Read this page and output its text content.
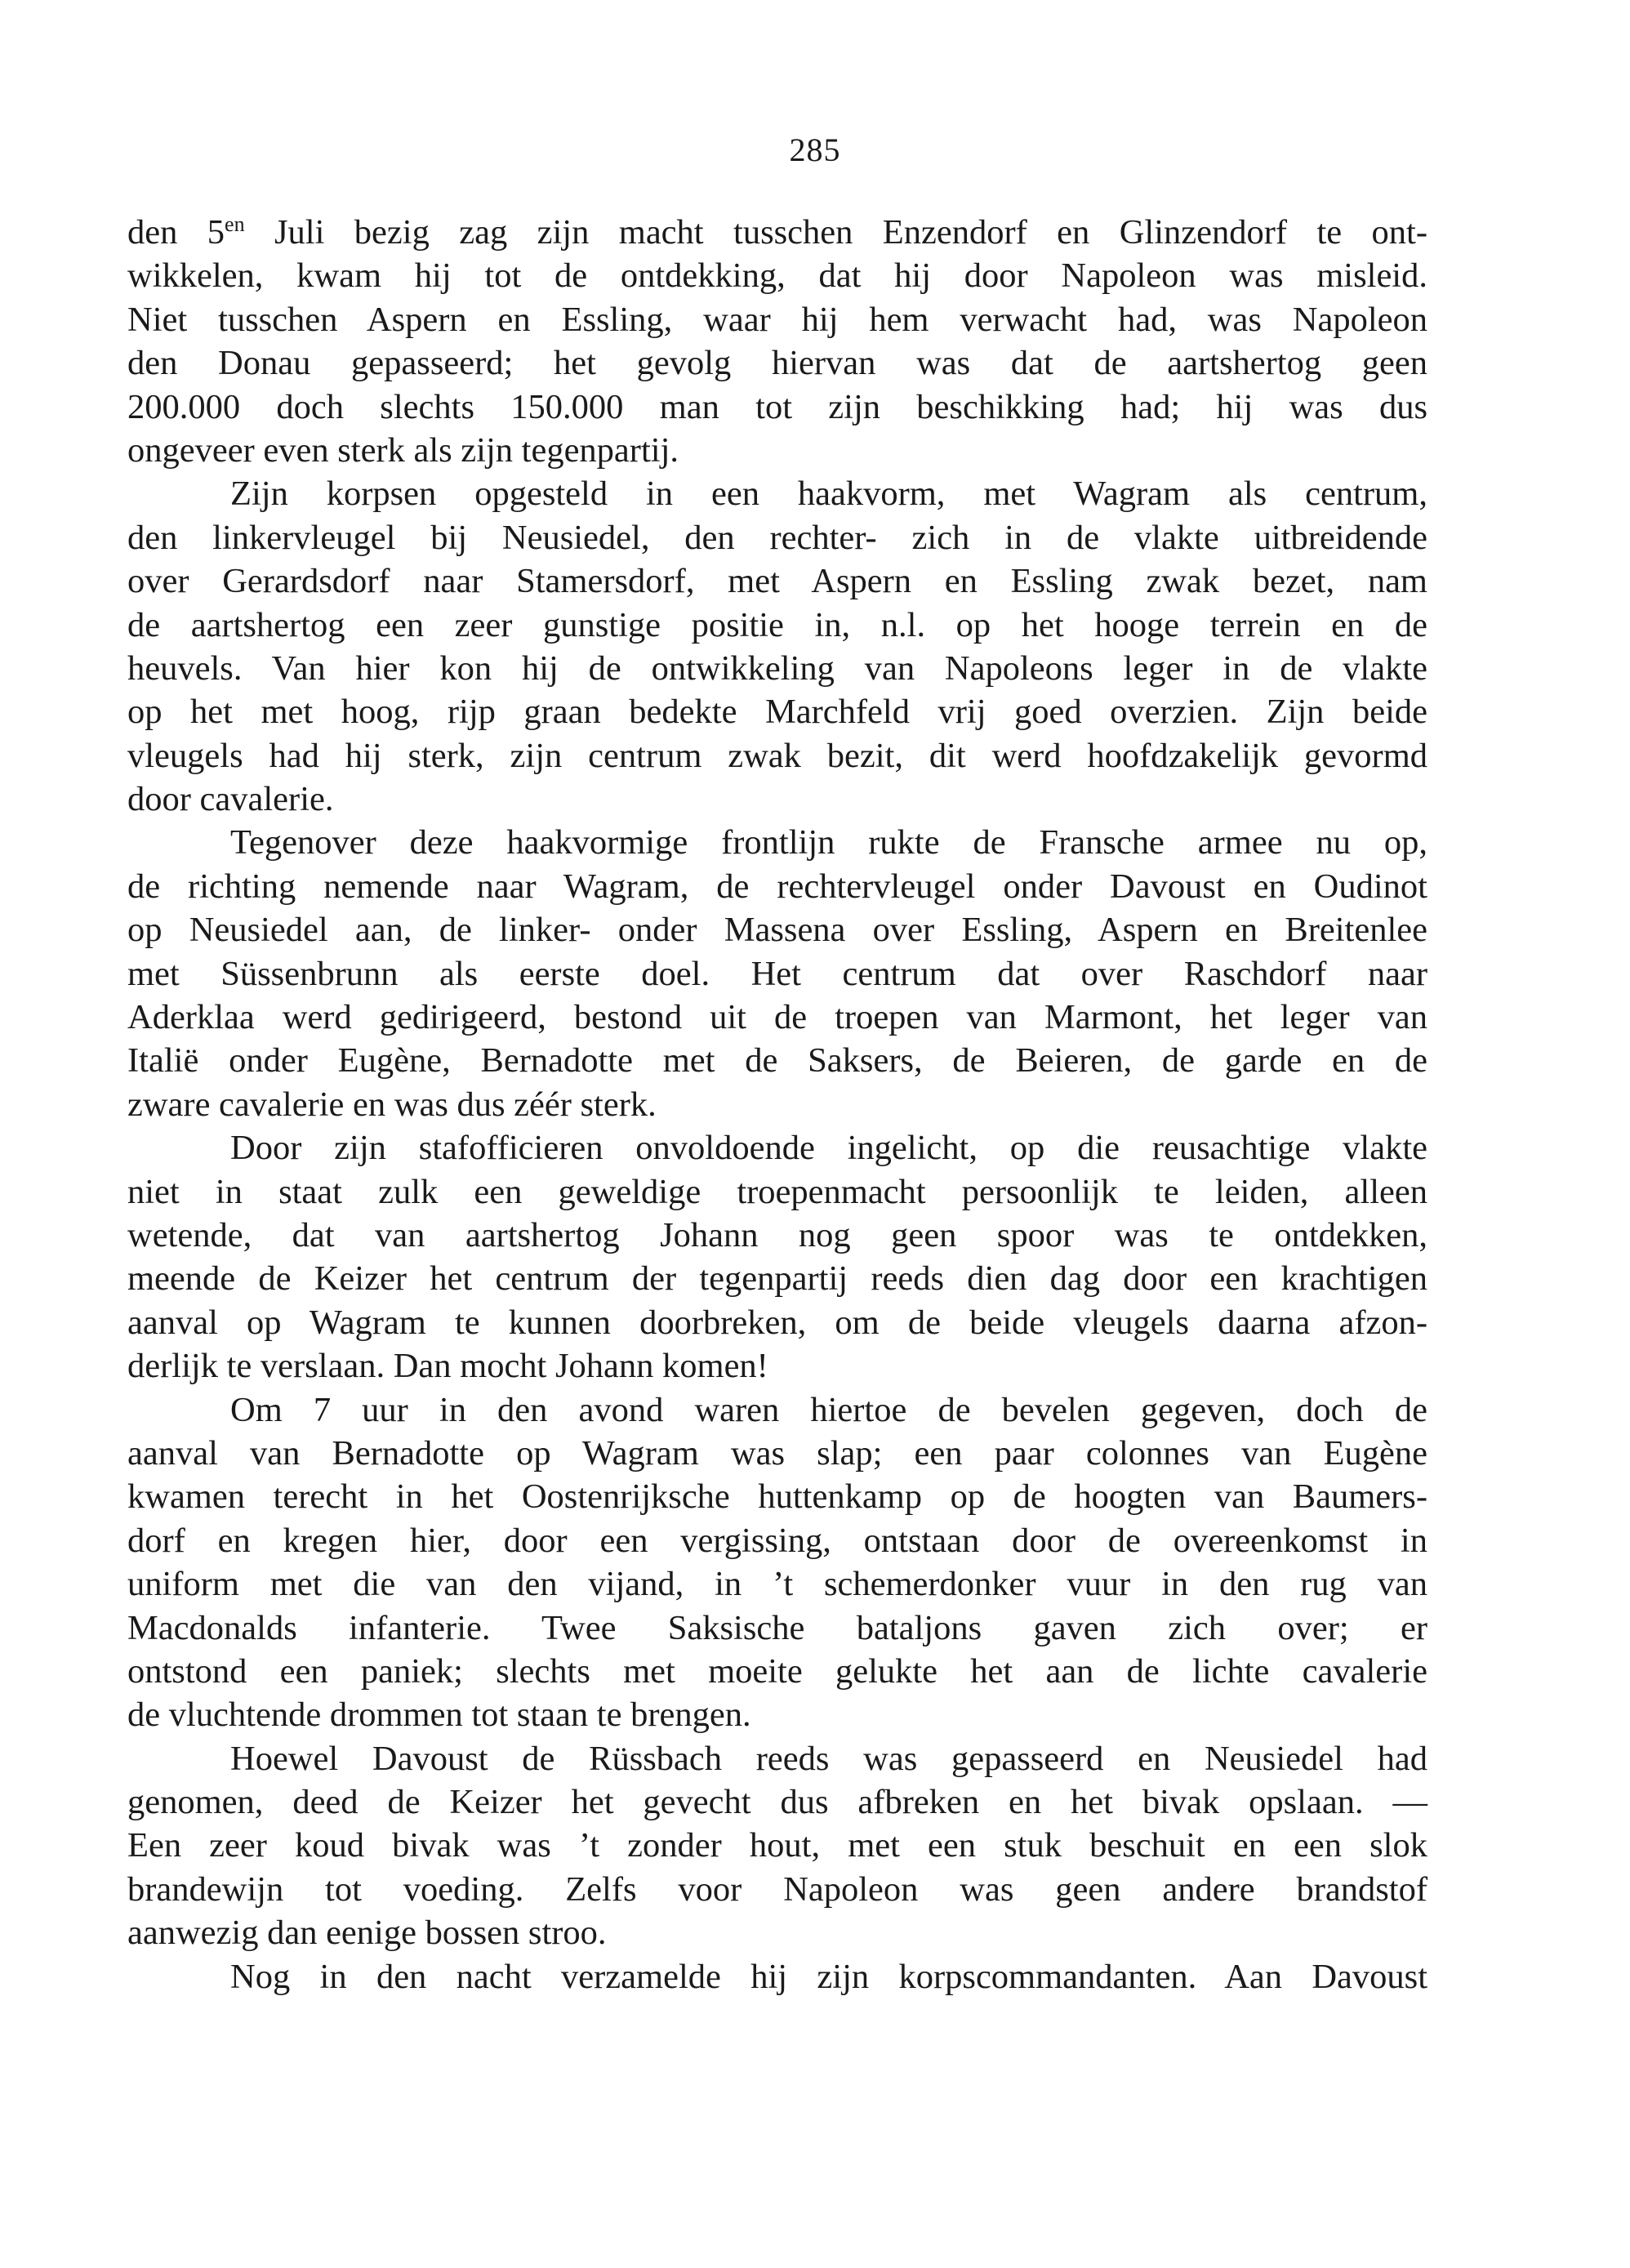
285

den $5^{en}$ Juli bezig zag zijn macht tusschen Enzendorf en Glinzendorf te ont-
wikkelen, kwam hij tot de ontdekking, dat hij door Napoleon was misleid.
Niet tusschen Aspern en Essling, waar hij hem verwacht had, was Napoleon
den Donau gepasseerd; het gevolg hiervan was dat de aartshertog geen
200.000 doch slechts 150.000 man tot zijn beschikking had; hij was dus
ongeveer even sterk als zijn tegenpartij.

Zijn korpsen opgesteld in een haakvorm, met Wagram als centrum,
den linkervleugel bij Neusiedel, den rechter- zich in de vlakte uitbreidende
over Gerardsdorf naar Stamersdorf, met Aspern en Essling zwak bezet, nam
de aartshertog een zeer gunstige positie in, n.l. op het hooge terrein en de
heuvels. Van hier kon hij de ontwikkeling van Napoleons leger in de vlakte
op het met hoog, rijp graan bedekte Marchfeld vrij goed overzien. Zijn beide
vleugels had hij sterk, zijn centrum zwak bezit, dit werd hoofdzakelijk gevormd
door cavalerie.

Tegenover deze haakvormige frontlijn rukte de Fransche armee nu op,
de richting nemende naar Wagram, de rechtervleugel onder Davoust en Oudinot
op Neusiedel aan, de linker- onder Massena over Essling, Aspern en Breitenlee
met Süssenbrunn als eerste doel. Het centrum dat over Raschdorf naar
Aderklaa werd gedirigeerd, bestond uit de troepen van Marmont, het leger van
Italië onder Eugène, Bernadotte met de Saksers, de Beieren, de garde en de
zware cavalerie en was dus zéér sterk.

Door zijn stafofficieren onvoldoende ingelicht, op die reusachtige vlakte
niet in staat zulk een geweldige troepenmacht persoonlijk te leiden, alleen
wetende, dat van aartshertog Johann nog geen spoor was te ontdekken,
meende de Keizer het centrum der tegenpartij reeds dien dag door een krachtigen
aanval op Wagram te kunnen doorbreken, om de beide vleugels daarna afzon-
derlijk te verslaan. Dan mocht Johann komen!

Om 7 uur in den avond waren hiertoe de bevelen gegeven, doch de
aanval van Bernadotte op Wagram was slap; een paar colonnes van Eugène
kwamen terecht in het Oostenrijksche huttenkamp op de hoogten van Baumers-
dorf en kregen hier, door een vergissing, ontstaan door de overeenkomst in
uniform met die van den vijand, in ’t schemerdonker vuur in den rug van
Macdonalds infanterie. Twee Saksische bataljons gaven zich over; er
ontstond een paniek; slechts met moeite gelukte het aan de lichte cavalerie
de vluchtende drommen tot staan te brengen.

Hoewel Davoust de Rüssbach reeds was gepasseerd en Neusiedel had
genomen, deed de Keizer het gevecht dus afbreken en het bivak opslaan. —
Een zeer koud bivak was ’t zonder hout, met een stuk beschuit en een slok
brandewijn tot voeding. Zelfs voor Napoleon was geen andere brandstof
aanwezig dan eenige bossen stroo.

Nog in den nacht verzamelde hij zijn korpscommandanten. Aan Davoust
